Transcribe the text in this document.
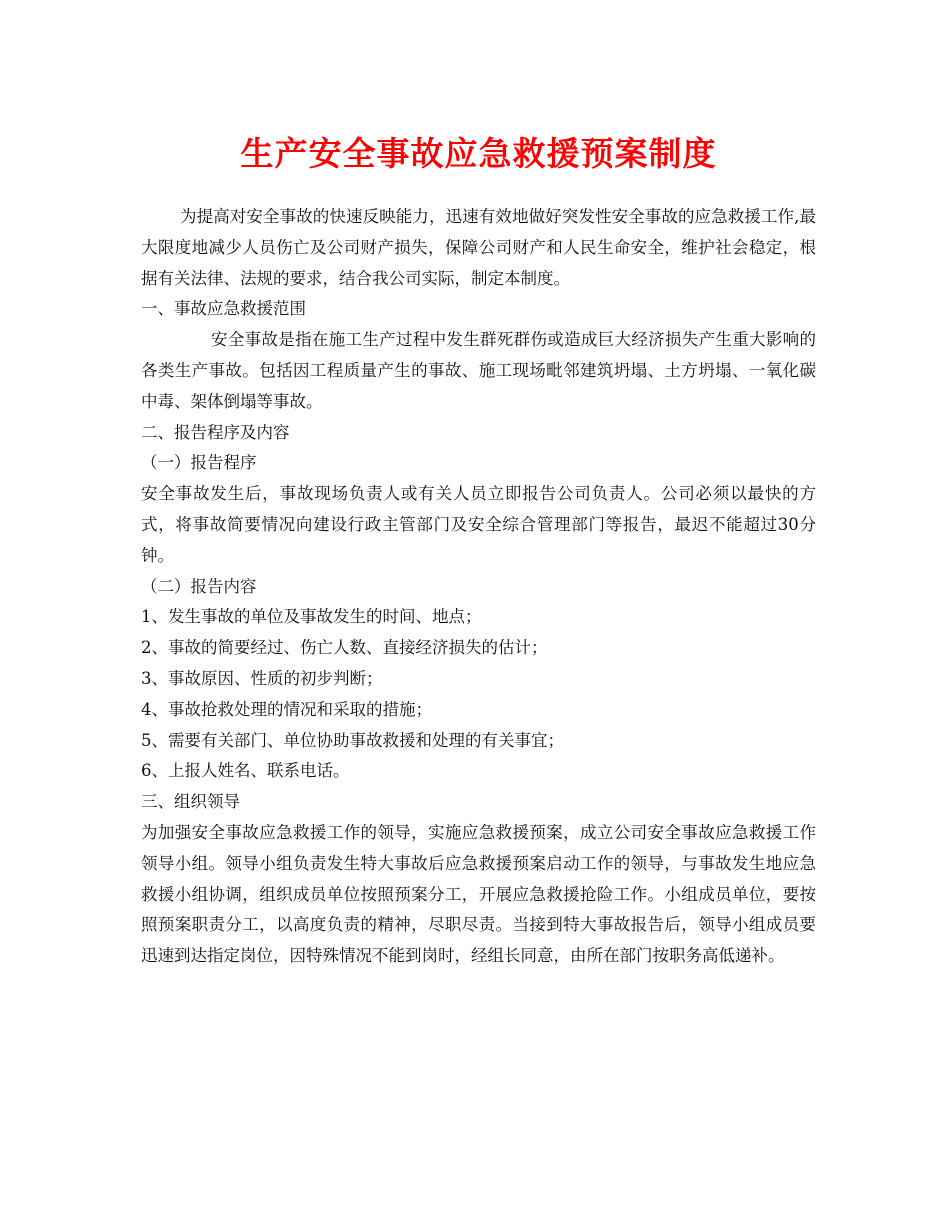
生产安全事故应急救援预案制度

为提高对安全事故的快速反映能力，迅速有效地做好突发性安全事故的应急救援工作,最大限度地减少人员伤亡及公司财产损失，保障公司财产和人民生命安全，维护社会稳定，根据有关法律、法规的要求，结合我公司实际，制定本制度。

一、事故应急救援范围

安全事故是指在施工生产过程中发生群死群伤或造成巨大经济损失产生重大影响的各类生产事故。包括因工程质量产生的事故、施工现场毗邻建筑坍塌、土方坍塌、一氧化碳中毒、架体倒塌等事故。

二、报告程序及内容

（一）报告程序

安全事故发生后，事故现场负责人或有关人员立即报告公司负责人。公司必须以最快的方式，将事故简要情况向建设行政主管部门及安全综合管理部门等报告，最迟不能超过30分钟。

（二）报告内容

1、发生事故的单位及事故发生的时间、地点；

2、事故的简要经过、伤亡人数、直接经济损失的估计；

3、事故原因、性质的初步判断；

4、事故抢救处理的情况和采取的措施；

5、需要有关部门、单位协助事故救援和处理的有关事宜；

6、上报人姓名、联系电话。

三、组织领导

为加强安全事故应急救援工作的领导，实施应急救援预案，成立公司安全事故应急救援工作领导小组。领导小组负责发生特大事故后应急救援预案启动工作的领导，与事故发生地应急救援小组协调，组织成员单位按照预案分工，开展应急救援抢险工作。小组成员单位，要按照预案职责分工，以高度负责的精神，尽职尽责。当接到特大事故报告后，领导小组成员要迅速到达指定岗位，因特殊情况不能到岗时，经组长同意，由所在部门按职务高低递补。
